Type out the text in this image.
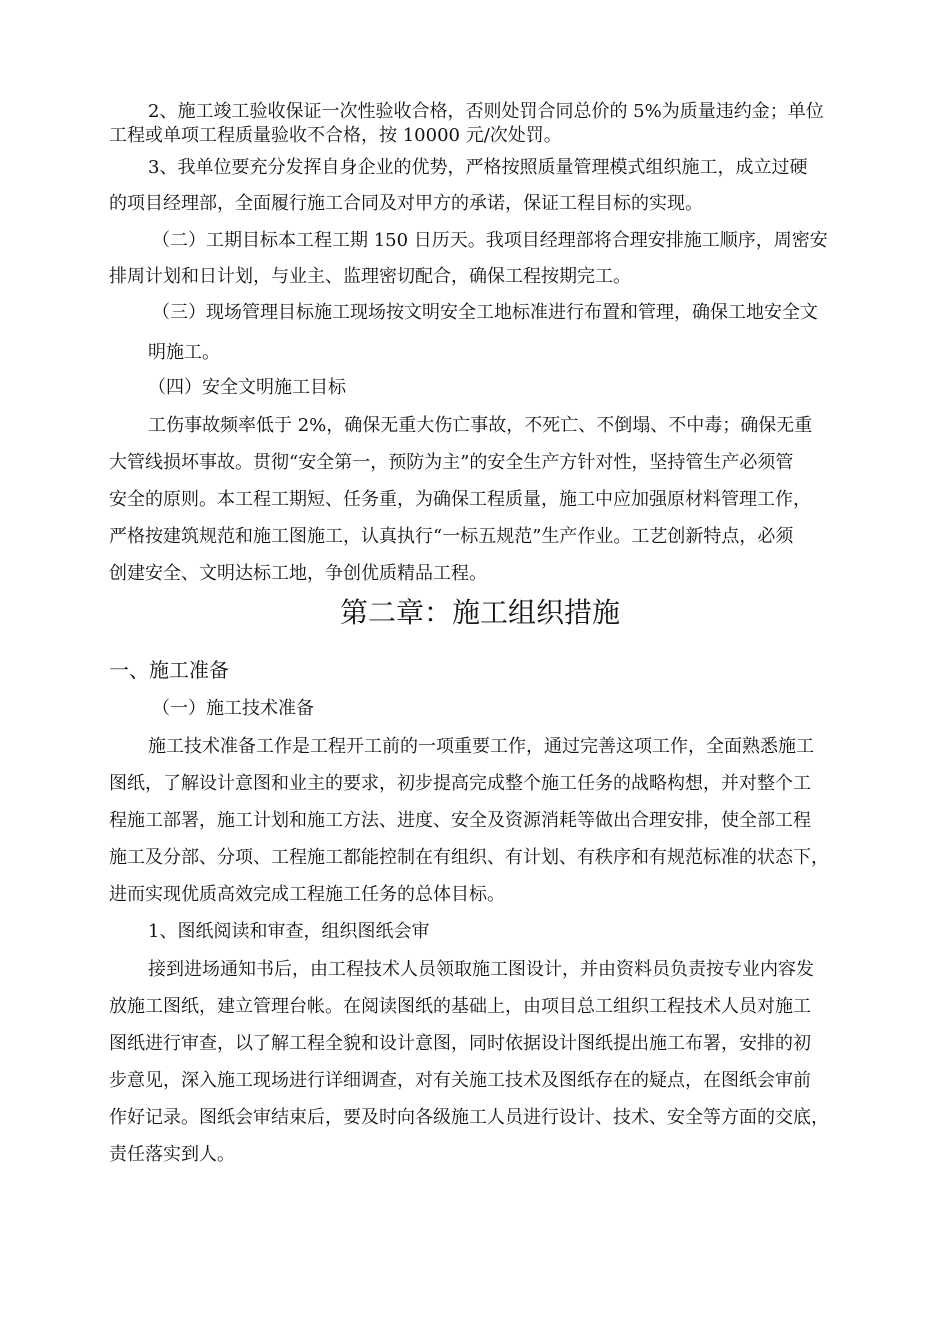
2、施工竣工验收保证一次性验收合格，否则处罚合同总价的 5%为质量违约金；单位
工程或单项工程质量验收不合格，按 10000 元/次处罚。
3、我单位要充分发挥自身企业的优势，严格按照质量管理模式组织施工，成立过硬
的项目经理部，全面履行施工合同及对甲方的承诺，保证工程目标的实现。
（二）工期目标本工程工期 150 日历天。我项目经理部将合理安排施工顺序，周密安
排周计划和日计划，与业主、监理密切配合，确保工程按期完工。
（三）现场管理目标施工现场按文明安全工地标准进行布置和管理，确保工地安全文
明施工。
（四）安全文明施工目标
工伤事故频率低于 2%，确保无重大伤亡事故，不死亡、不倒塌、不中毒；确保无重
大管线损坏事故。贯彻“安全第一，预防为主”的安全生产方针对性，坚持管生产必须管
安全的原则。本工程工期短、任务重，为确保工程质量，施工中应加强原材料管理工作，
严格按建筑规范和施工图施工，认真执行“一标五规范”生产作业。工艺创新特点，必须
创建安全、文明达标工地，争创优质精品工程。
第二章：施工组织措施
一、施工准备
（一）施工技术准备
施工技术准备工作是工程开工前的一项重要工作，通过完善这项工作，全面熟悉施工
图纸，了解设计意图和业主的要求，初步提高完成整个施工任务的战略构想，并对整个工
程施工部署，施工计划和施工方法、进度、安全及资源消耗等做出合理安排，使全部工程
施工及分部、分项、工程施工都能控制在有组织、有计划、有秩序和有规范标准的状态下，
进而实现优质高效完成工程施工任务的总体目标。
1、图纸阅读和审查，组织图纸会审
接到进场通知书后，由工程技术人员领取施工图设计，并由资料员负责按专业内容发
放施工图纸，建立管理台帐。在阅读图纸的基础上，由项目总工组织工程技术人员对施工
图纸进行审查，以了解工程全貌和设计意图，同时依据设计图纸提出施工布署，安排的初
步意见，深入施工现场进行详细调查，对有关施工技术及图纸存在的疑点，在图纸会审前
作好记录。图纸会审结束后，要及时向各级施工人员进行设计、技术、安全等方面的交底，
责任落实到人。
